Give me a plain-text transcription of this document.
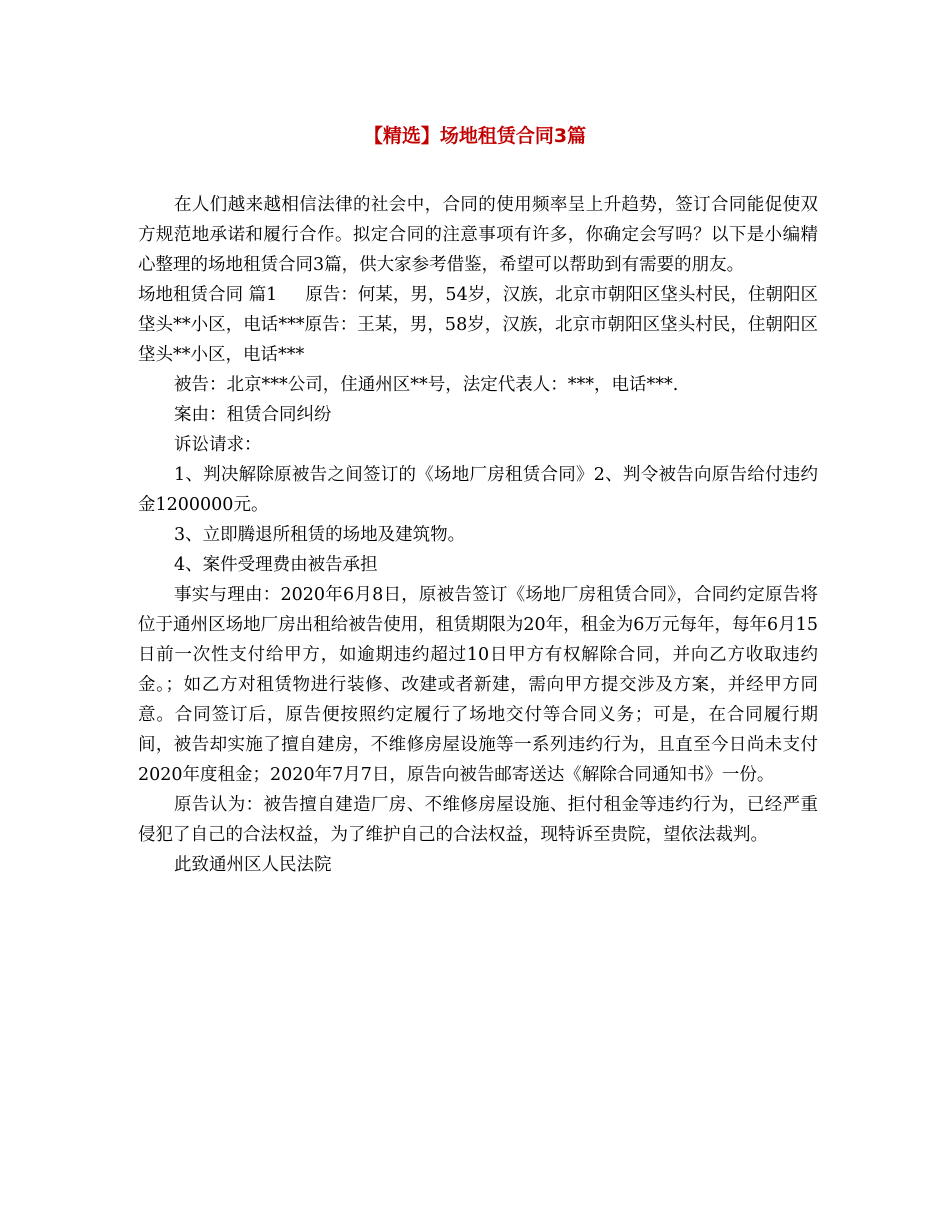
【精选】场地租赁合同3篇

在人们越来越相信法律的社会中，合同的使用频率呈上升趋势，签订合同能促使双方规范地承诺和履行合作。拟定合同的注意事项有许多，你确定会写吗？以下是小编精心整理的场地租赁合同3篇，供大家参考借鉴，希望可以帮助到有需要的朋友。

场地租赁合同 篇1 原告：何某，男，54岁，汉族，北京市朝阳区垡头村民，住朝阳区垡头**小区，电话***原告：王某，男，58岁，汉族，北京市朝阳区垡头村民，住朝阳区垡头**小区，电话***

被告：北京***公司，住通州区**号，法定代表人：***，电话***.

案由：租赁合同纠纷

诉讼请求：

1、判决解除原被告之间签订的《场地厂房租赁合同》2、判令被告向原告给付违约金1200000元。

3、立即腾退所租赁的场地及建筑物。

4、案件受理费由被告承担

事实与理由：2020年6月8日，原被告签订《场地厂房租赁合同》，合同约定原告将位于通州区场地厂房出租给被告使用，租赁期限为20年，租金为6万元每年，每年6月15日前一次性支付给甲方，如逾期违约超过10日甲方有权解除合同，并向乙方收取违约金。；如乙方对租赁物进行装修、改建或者新建，需向甲方提交涉及方案，并经甲方同意。合同签订后，原告便按照约定履行了场地交付等合同义务；可是，在合同履行期间，被告却实施了擅自建房，不维修房屋设施等一系列违约行为，且直至今日尚未支付2020年度租金；2020年7月7日，原告向被告邮寄送达《解除合同通知书》一份。

原告认为：被告擅自建造厂房、不维修房屋设施、拒付租金等违约行为，已经严重侵犯了自己的合法权益，为了维护自己的合法权益，现特诉至贵院，望依法裁判。

此致通州区人民法院
